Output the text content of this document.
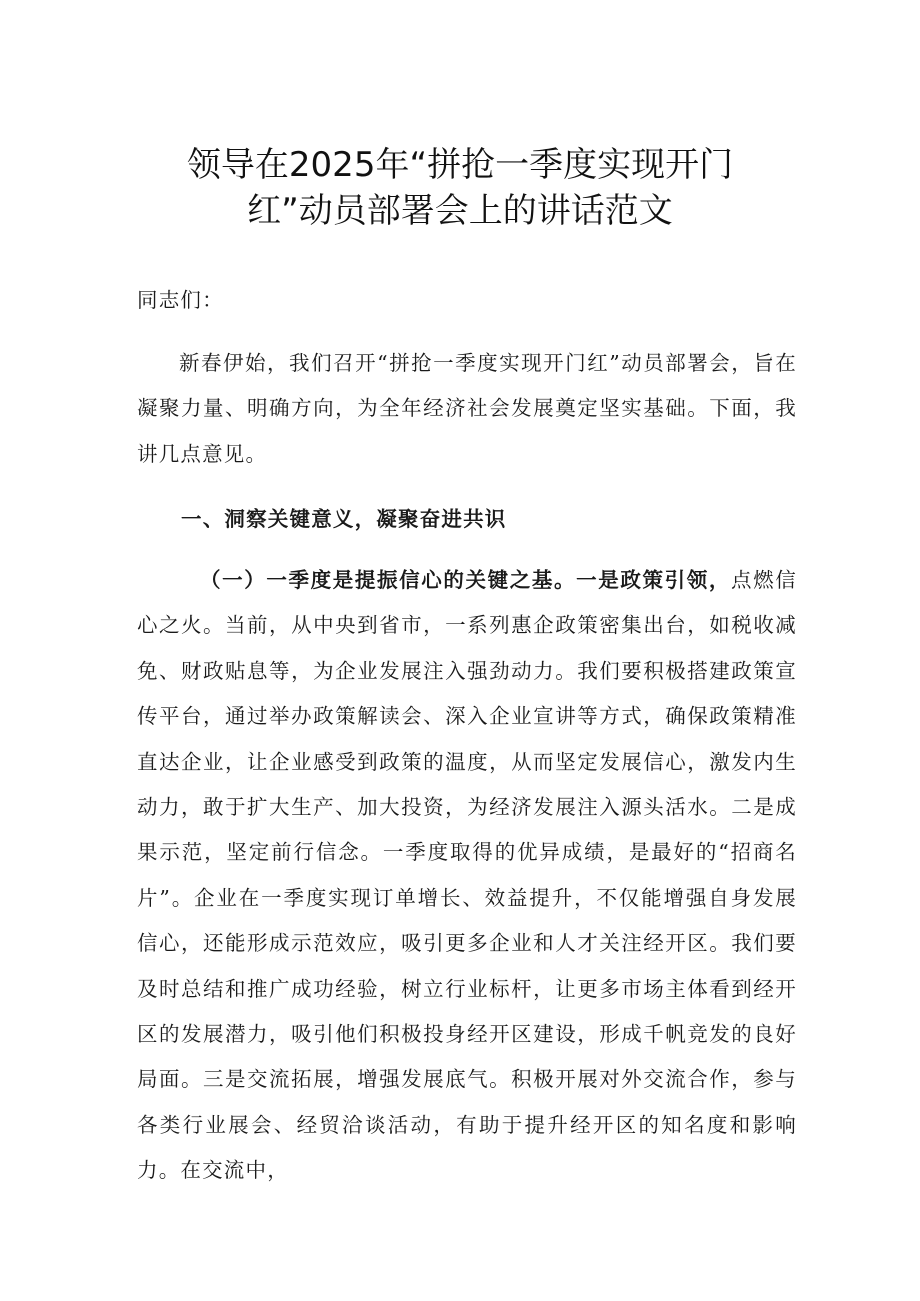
领导在2025年“拼抢一季度实现开门
红”动员部署会上的讲话范文
同志们：
新春伊始，我们召开“拼抢一季度实现开门红”动员部署会，旨在凝聚力量、明确方向，为全年经济社会发展奠定坚实基础。下面，我讲几点意见。
一、洞察关键意义，凝聚奋进共识
（一）一季度是提振信心的关键之基。一是政策引领，点燃信心之火。当前，从中央到省市，一系列惠企政策密集出台，如税收减免、财政贴息等，为企业发展注入强劲动力。我们要积极搭建政策宣传平台，通过举办政策解读会、深入企业宣讲等方式，确保政策精准直达企业，让企业感受到政策的温度，从而坚定发展信心，激发内生动力，敢于扩大生产、加大投资，为经济发展注入源头活水。二是成果示范，坚定前行信念。一季度取得的优异成绩，是最好的“招商名片”。企业在一季度实现订单增长、效益提升，不仅能增强自身发展信心，还能形成示范效应，吸引更多企业和人才关注经开区。我们要及时总结和推广成功经验，树立行业标杆，让更多市场主体看到经开区的发展潜力，吸引他们积极投身经开区建设，形成千帆竞发的良好局面。三是交流拓展，增强发展底气。积极开展对外交流合作，参与各类行业展会、经贸洽谈活动，有助于提升经开区的知名度和影响力。在交流中，
